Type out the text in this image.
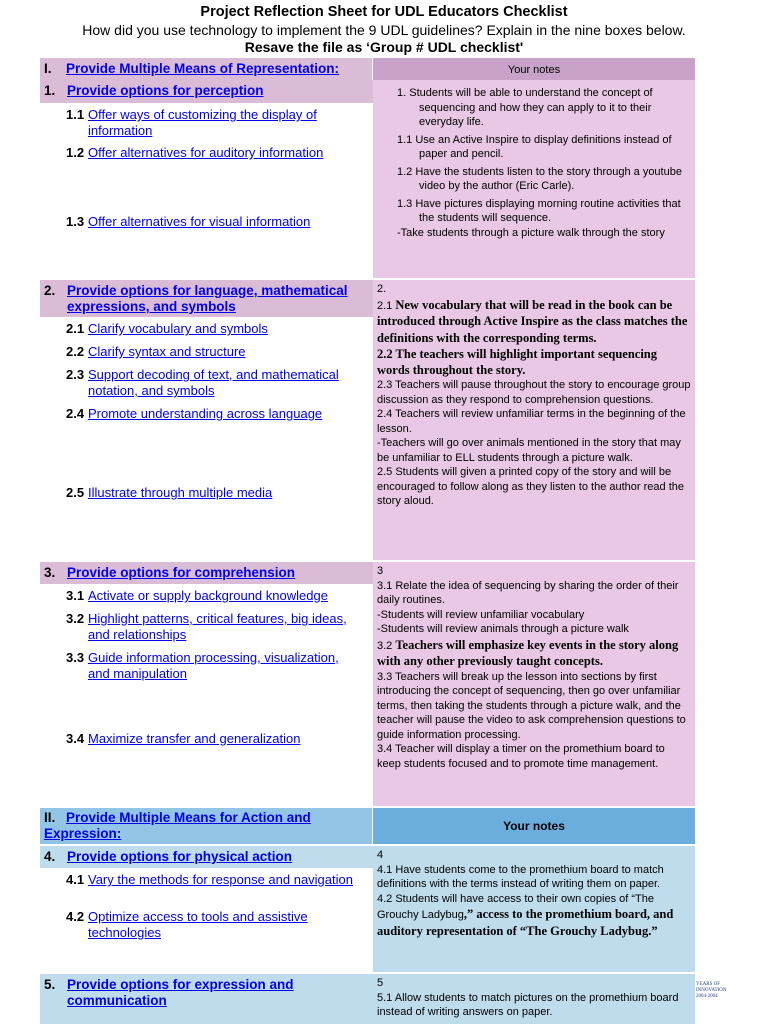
Project Reflection Sheet for UDL Educators Checklist
How did you use technology to implement the 9 UDL guidelines? Explain in the nine boxes below.
Resave the file as ‘Group # UDL checklist'
I. Provide Multiple Means of Representation:	Your notes
1. Provide options for perception
1.1 Offer ways of customizing the display of information
1.2 Offer alternatives for auditory information
1.3 Offer alternatives for visual information

1. Students will be able to understand the concept of sequencing and how they can apply to it to their everyday life.

1.1 Use an Active Inspire to display definitions instead of paper and pencil.

1.2 Have the students listen to the story through a youtube video by the author (Eric Carle).

1.3 Have pictures displaying morning routine activities that the students will sequence.

-Take students through a picture walk through the story

2. Provide options for language, mathematical expressions, and symbols
2.1 Clarify vocabulary and symbols
2.2 Clarify syntax and structure
2.3 Support decoding of text, and mathematical notation, and symbols
2.4 Promote understanding across language
2.5 Illustrate through multiple media

2.

2.1 New vocabulary that will be read in the book can be introduced through Active Inspire as the class matches the definitions with the corresponding terms.

2.2 The teachers will highlight important sequencing words throughout the story.

2.3 Teachers will pause throughout the story to encourage group discussion as they respond to comprehension questions.

2.4 Teachers will review unfamiliar terms in the beginning of the lesson.

-Teachers will go over animals mentioned in the story that may be unfamiliar to ELL students through a picture walk.

2.5 Students will given a printed copy of the story and will be encouraged to follow along as they listen to the author read the story aloud.

3. Provide options for comprehension
3.1 Activate or supply background knowledge
3.2 Highlight patterns, critical features, big ideas, and relationships
3.3 Guide information processing, visualization, and manipulation
3.4 Maximize transfer and generalization

3

3.1 Relate the idea of sequencing by sharing the order of their daily routines.

-Students will review unfamiliar vocabulary

-Students will review animals through a picture walk

3.2 Teachers will emphasize key events in the story along with any other previously taught concepts.

3.3 Teachers will break up the lesson into sections by first introducing the concept of sequencing, then go over unfamiliar terms, then taking the students through a picture walk, and the teacher will pause the video to ask comprehension questions to guide information processing.

3.4 Teacher will display a timer on the promethium board to keep students focused and to promote time management.

II. Provide Multiple Means for Action and Expression:	Your notes
4. Provide options for physical action
4.1 Vary the methods for response and navigation
4.2 Optimize access to tools and assistive technologies

4

4.1 Have students come to the promethium board to match definitions with the terms instead of writing them on paper.

4.2 Students will have access to their own copies of “The Grouchy Ladybug,” access to the promethium board, and auditory representation of “The Grouchy Ladybug.”

5. Provide options for expression and communication

5

5.1 Allow students to match pictures on the promethium board instead of writing answers on paper.

YEARS OF
INNOVATION
2004-2004
